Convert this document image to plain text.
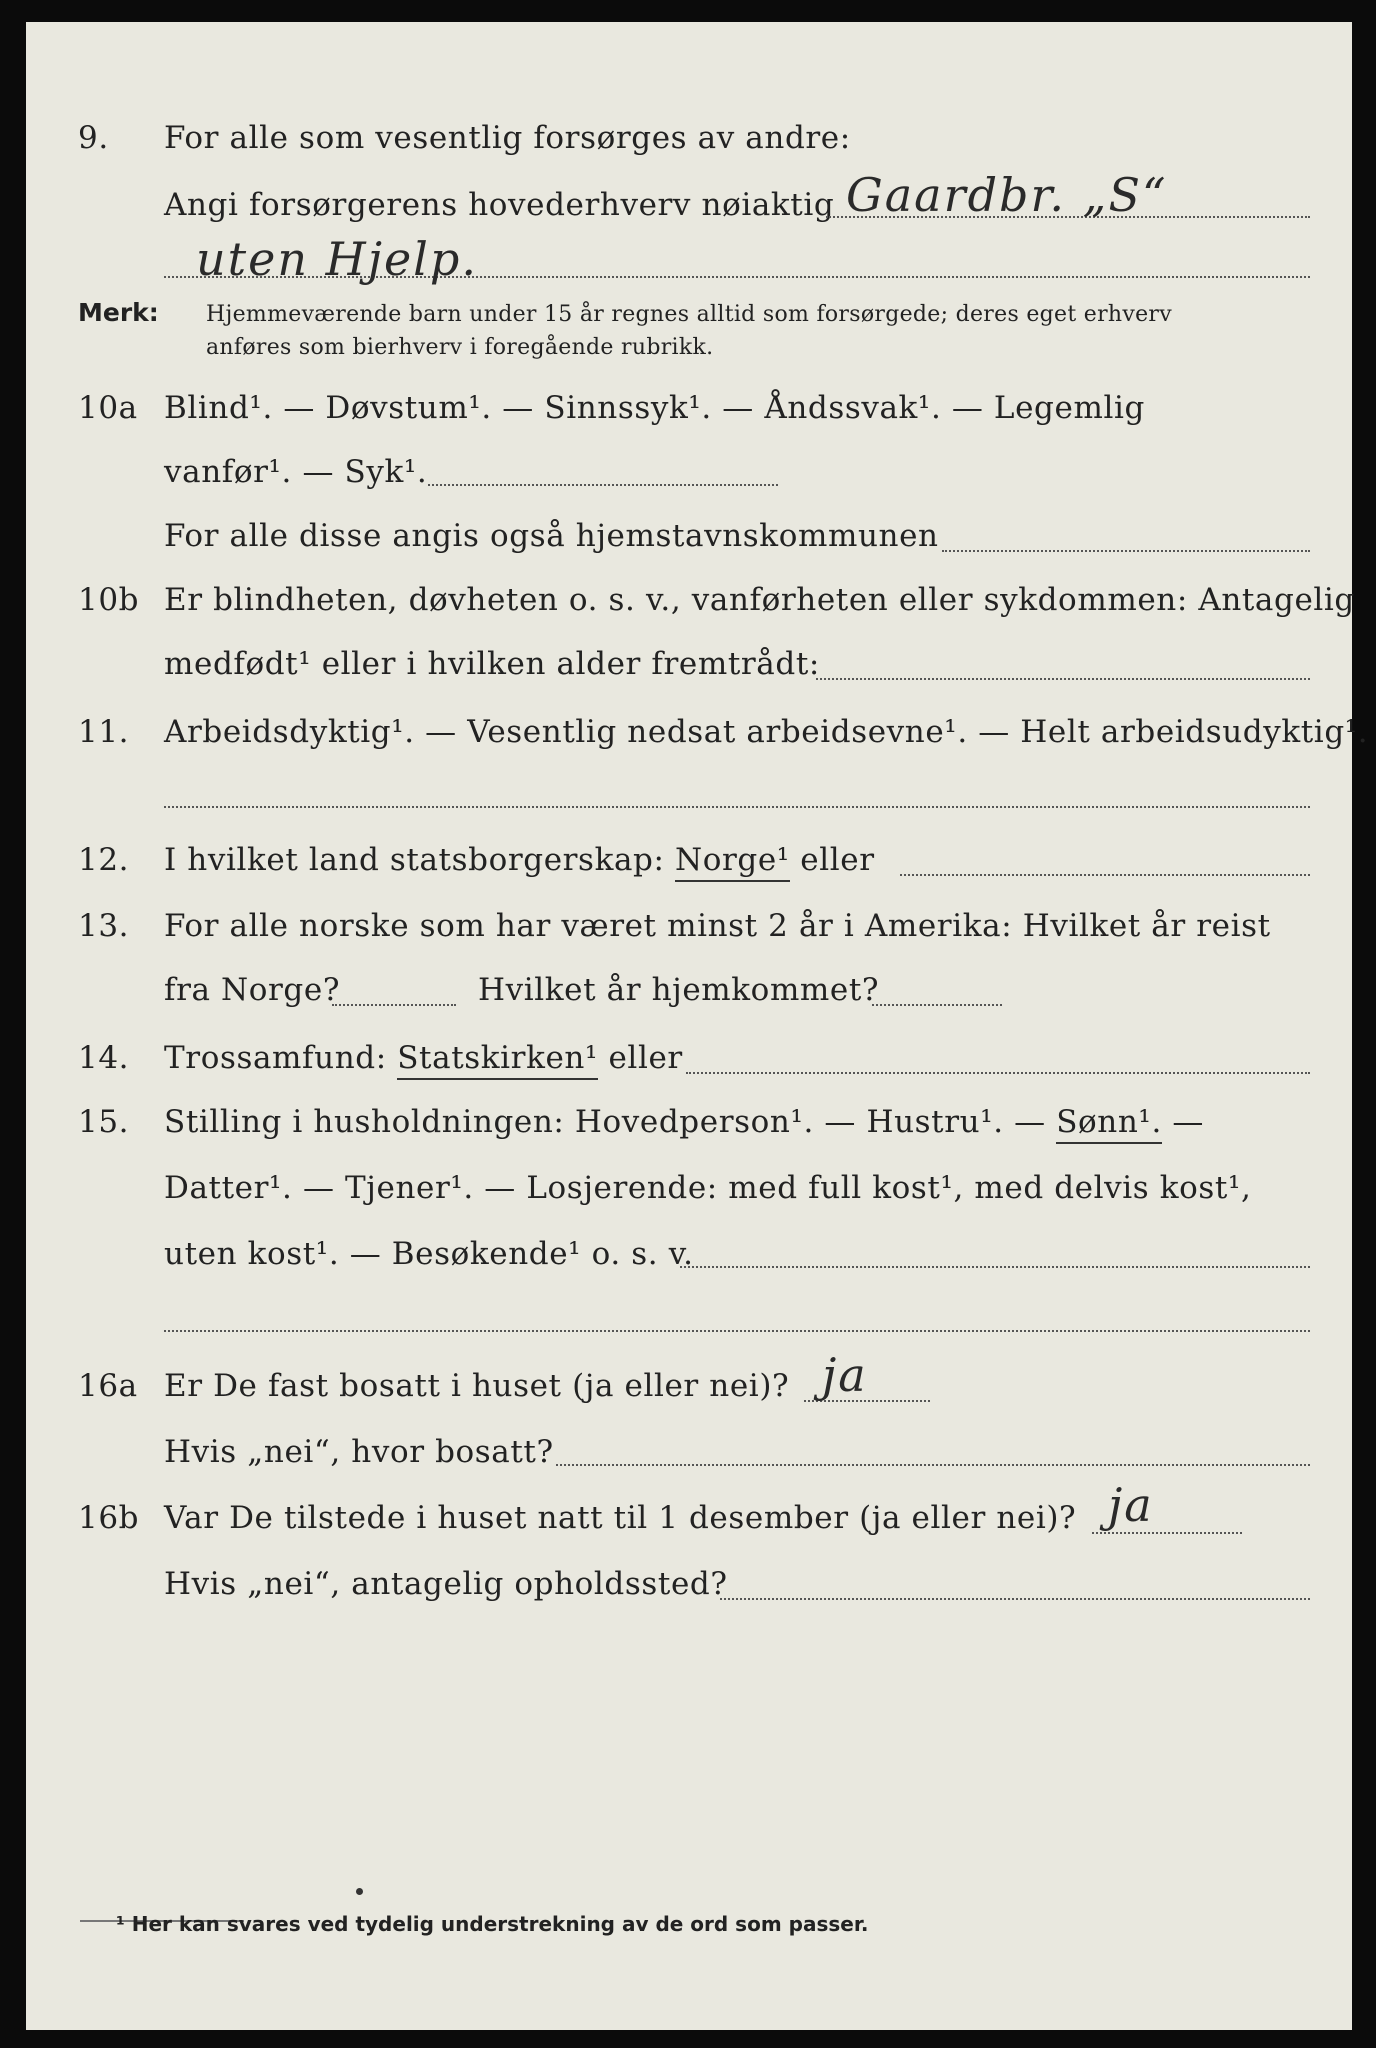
9. For alle som vesentlig forsørges av andre:
Angi forsørgerens hovederhverv nøiaktig Gaardbr. „S“
uten Hjelp.
Merk: Hjemmeværende barn under 15 år regnes alltid som forsørgede; deres eget erhverv
anføres som bierhverv i foregående rubrikk.
10a Blind¹. — Døvstum¹. — Sinnssyk¹. — Åndssvak¹. — Legemlig
vanfør¹. — Syk¹.
For alle disse angis også hjemstavnskommunen
10b Er blindheten, døvheten o. s. v., vanførheten eller sykdommen: Antagelig
medfødt¹ eller i hvilken alder fremtrådt:
11. Arbeidsdyktig¹. — Vesentlig nedsat arbeidsevne¹. — Helt arbeidsudyktig¹.
12. I hvilket land statsborgerskap: Norge¹ eller
13. For alle norske som har været minst 2 år i Amerika: Hvilket år reist
fra Norge?	Hvilket år hjemkommet?
14. Trossamfund: Statskirken¹ eller
15. Stilling i husholdningen: Hovedperson¹. — Hustru¹. — Sønn¹. —
Datter¹. — Tjener¹. — Losjerende: med full kost¹, med delvis kost¹,
uten kost¹. — Besøkende¹ o. s. v.
16a Er De fast bosatt i huset (ja eller nei)? ja
Hvis „nei“, hvor bosatt?
16b Var De tilstede i huset natt til 1 desember (ja eller nei)? ja
Hvis „nei“, antagelig opholdssted?
¹ Her kan svares ved tydelig understrekning av de ord som passer.
